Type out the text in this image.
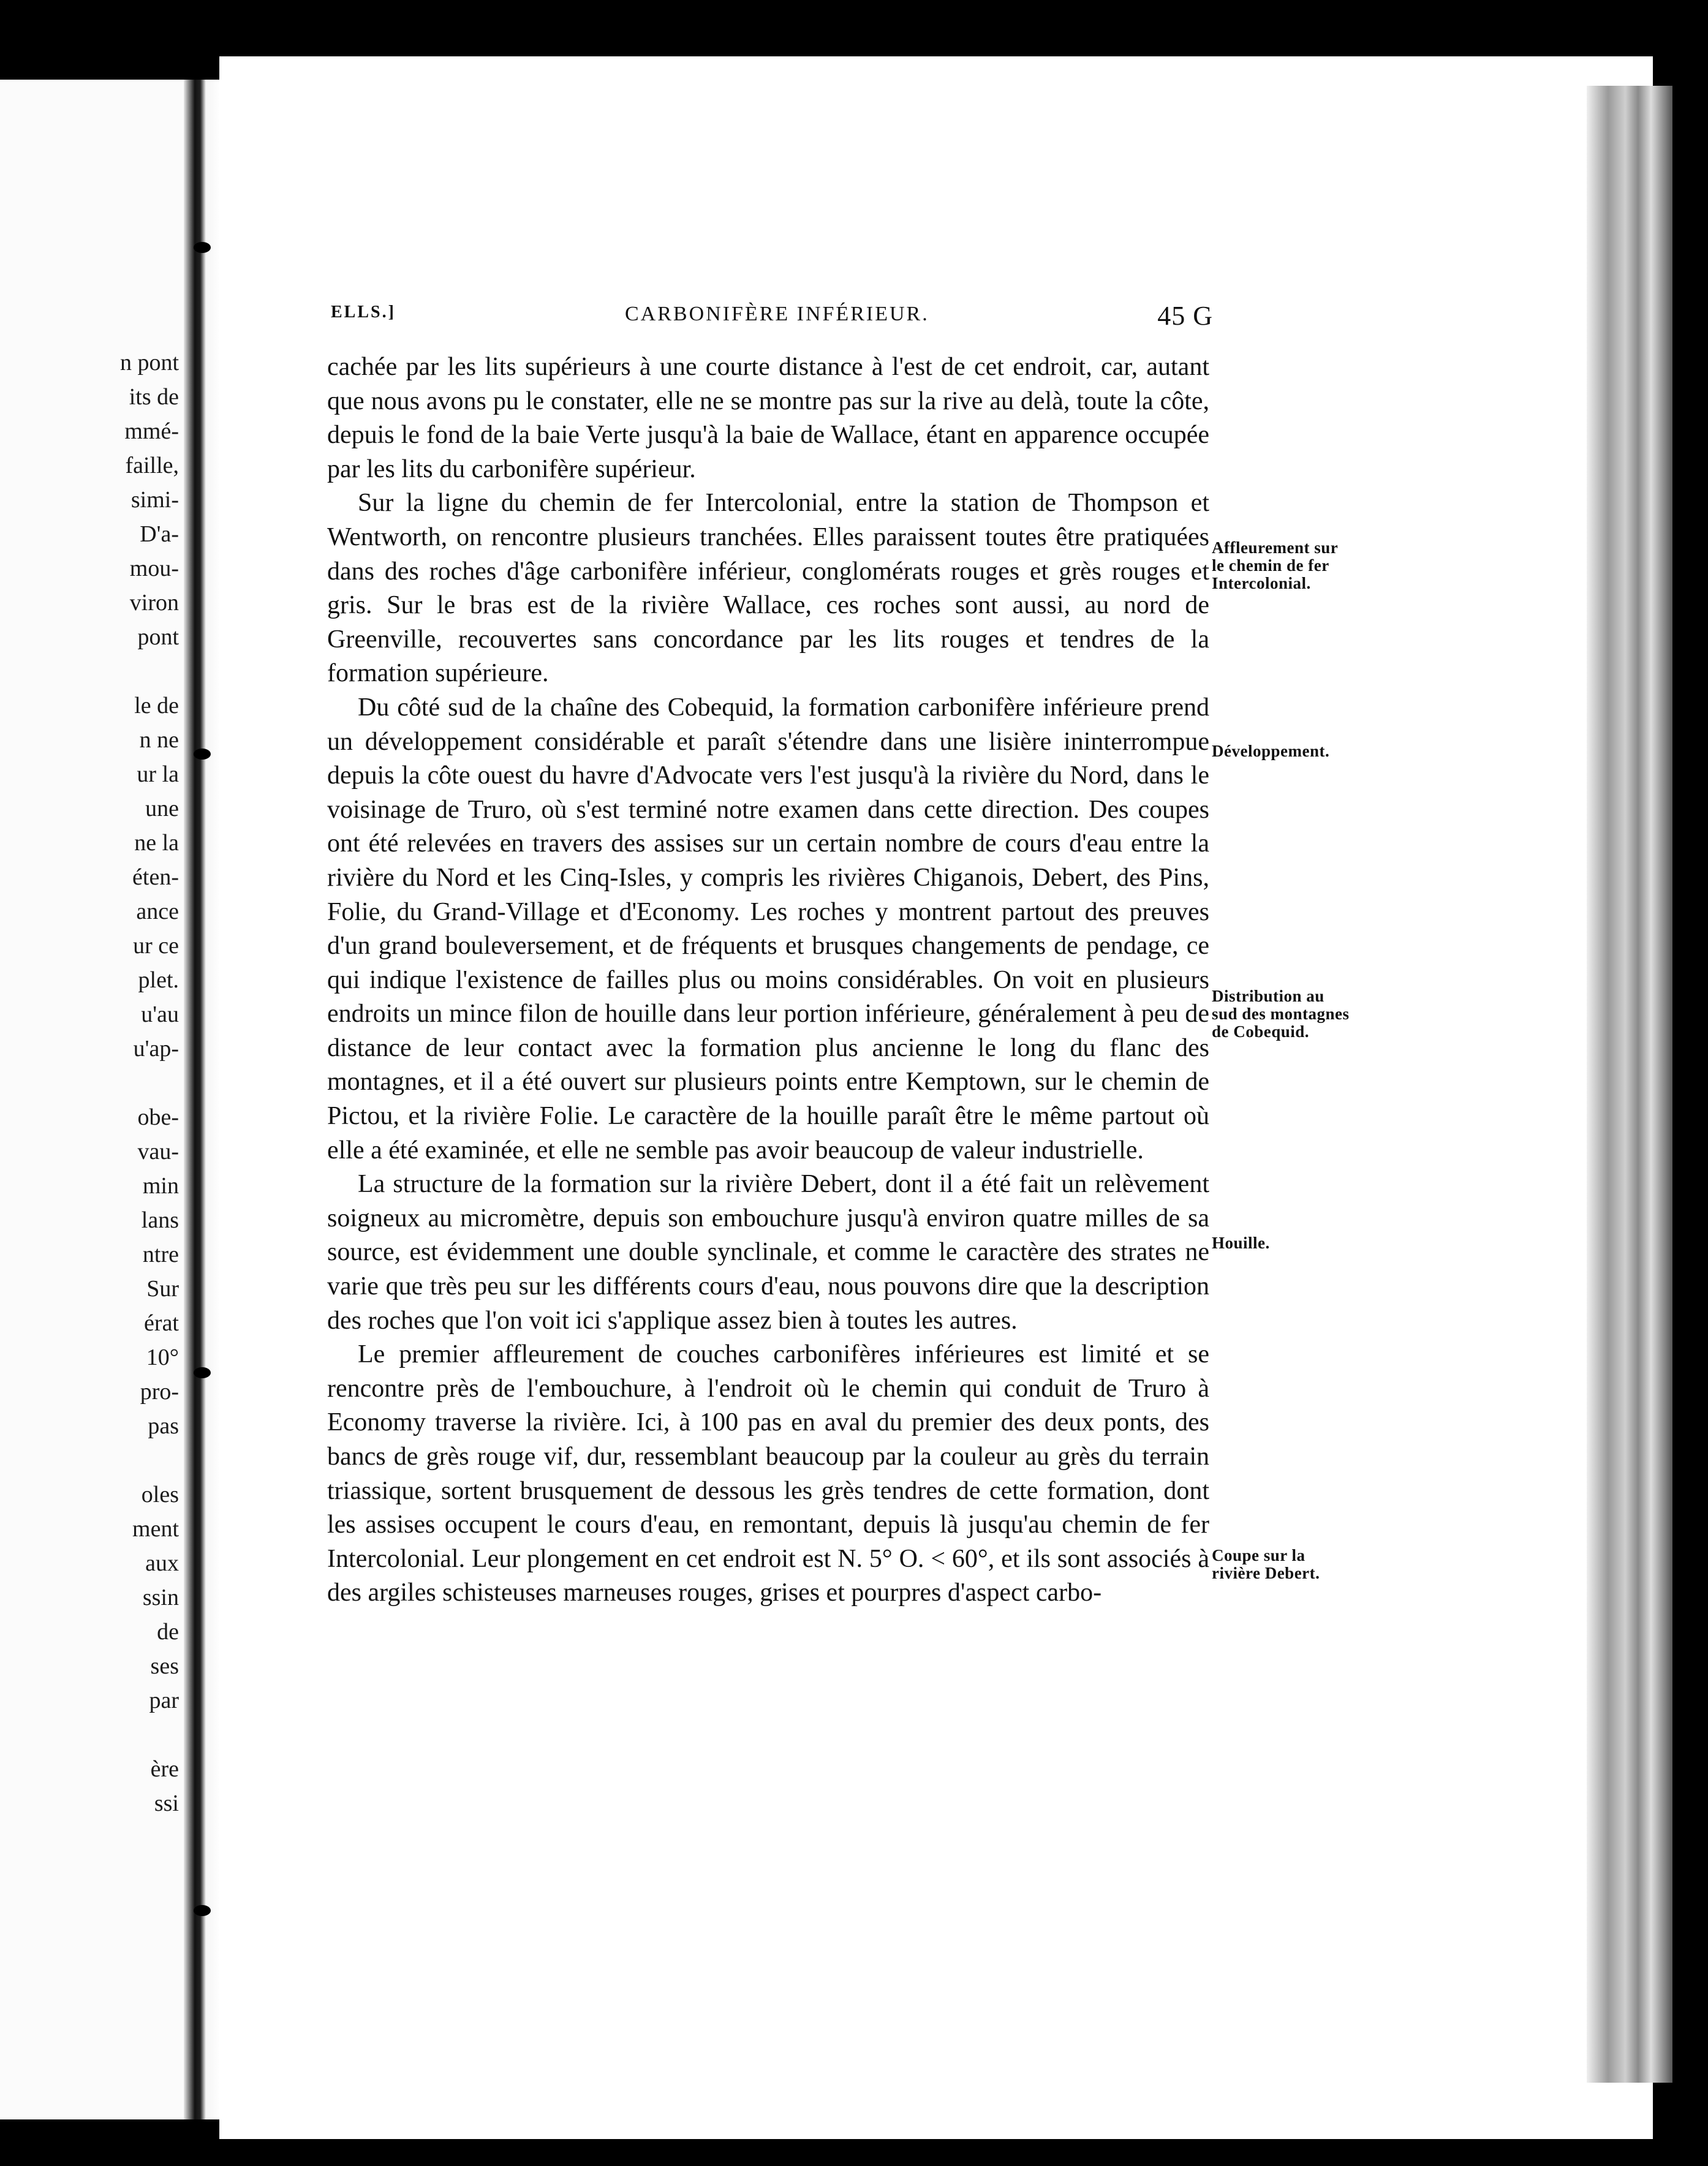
n pont
its de
mmé-
faille,
simi-
D'a-
mou-
viron
pont
le de
n ne
ur la
une
ne la
éten-
ance
ur ce
plet.
u'au
u'ap-
obe-
vau-
min
lans
ntre
Sur
érat
10°
pro-
pas
oles
ment
aux
ssin
de
ses
par
ère
ssi
ELLS.]	CARBONIFÈRE INFÉRIEUR.	45 G

cachée par les lits supérieurs à une courte distance à l'est de cet endroit, car, autant que nous avons pu le constater, elle ne se montre pas sur la rive au delà, toute la côte, depuis le fond de la baie Verte jusqu'à la baie de Wallace, étant en apparence occupée par les lits du carbonifère supérieur.

Sur la ligne du chemin de fer Intercolonial, entre la station de Thompson et Wentworth, on rencontre plusieurs tranchées. Elles paraissent toutes être pratiquées dans des roches d'âge carbonifère inférieur, conglomérats rouges et grès rouges et gris. Sur le bras est de la rivière Wallace, ces roches sont aussi, au nord de Greenville, recouvertes sans concordance par les lits rouges et tendres de la formation supérieure.

Du côté sud de la chaîne des Cobequid, la formation carbonifère inférieure prend un développement considérable et paraît s'étendre dans une lisière ininterrompue depuis la côte ouest du havre d'Advocate vers l'est jusqu'à la rivière du Nord, dans le voisinage de Truro, où s'est terminé notre examen dans cette direction. Des coupes ont été relevées en travers des assises sur un certain nombre de cours d'eau entre la rivière du Nord et les Cinq-Isles, y compris les rivières Chiganois, Debert, des Pins, Folie, du Grand-Village et d'Economy. Les roches y montrent partout des preuves d'un grand bouleversement, et de fréquents et brusques changements de pendage, ce qui indique l'existence de failles plus ou moins considérables. On voit en plusieurs endroits un mince filon de houille dans leur portion inférieure, généralement à peu de distance de leur contact avec la formation plus ancienne le long du flanc des montagnes, et il a été ouvert sur plusieurs points entre Kemptown, sur le chemin de Pictou, et la rivière Folie. Le caractère de la houille paraît être le même partout où elle a été examinée, et elle ne semble pas avoir beaucoup de valeur industrielle.

La structure de la formation sur la rivière Debert, dont il a été fait un relèvement soigneux au micromètre, depuis son embouchure jusqu'à environ quatre milles de sa source, est évidemment une double synclinale, et comme le caractère des strates ne varie que très peu sur les différents cours d'eau, nous pouvons dire que la description des roches que l'on voit ici s'applique assez bien à toutes les autres.

Le premier affleurement de couches carbonifères inférieures est limité et se rencontre près de l'embouchure, à l'endroit où le chemin qui conduit de Truro à Economy traverse la rivière. Ici, à 100 pas en aval du premier des deux ponts, des bancs de grès rouge vif, dur, ressemblant beaucoup par la couleur au grès du terrain triassique, sortent brusquement de dessous les grès tendres de cette formation, dont les assises occupent le cours d'eau, en remontant, depuis là jusqu'au chemin de fer Intercolonial. Leur plongement en cet endroit est N. 5° O. < 60°, et ils sont associés à des argiles schisteuses marneuses rouges, grises et pourpres d'aspect carbo-

Affleurement sur le chemin de fer Intercolonial.
Développement.
Distribution au sud des montagnes de Cobequid.
Houille.
Coupe sur la rivière Debert.
